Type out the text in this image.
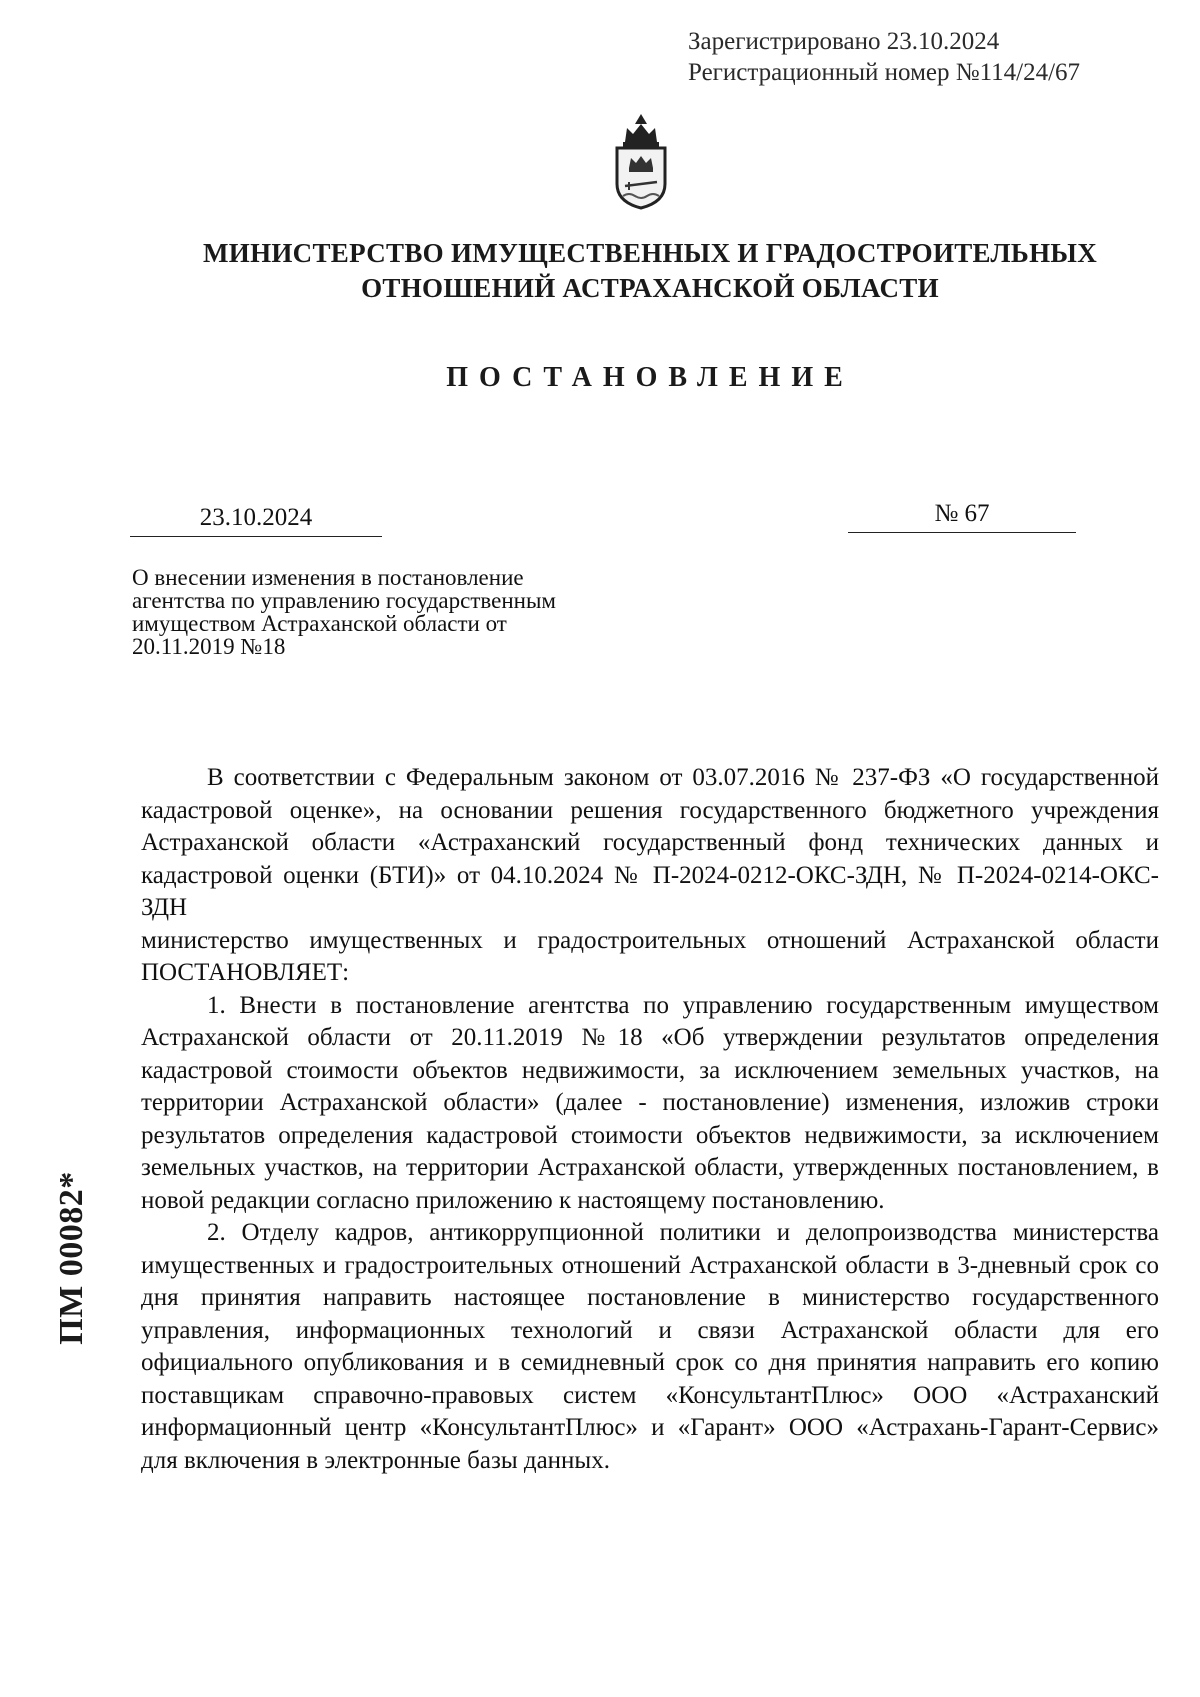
Зарегистрировано 23.10.2024
Регистрационный номер №114/24/67
МИНИСТЕРСТВО ИМУЩЕСТВЕННЫХ И ГРАДОСТРОИТЕЛЬНЫХ
ОТНОШЕНИЙ АСТРАХАНСКОЙ ОБЛАСТИ
ПОСТАНОВЛЕНИЕ
23.10.2024	№ 67
О внесении изменения в постановление агентства по управлению государственным имуществом Астраханской области от 20.11.2019 №18

В соответствии с Федеральным законом от 03.07.2016 № 237-ФЗ «О государственной кадастровой оценке», на основании решения государственного бюджетного учреждения Астраханской области «Астраханский государственный фонд технических данных и кадастровой оценки (БТИ)» от 04.10.2024 № П-2024-0212-ОКС-ЗДН, № П-2024-0214-ОКС-ЗДН

министерство имущественных и градостроительных отношений Астраханской области ПОСТАНОВЛЯЕТ:

1. Внести в постановление агентства по управлению государственным имуществом Астраханской области от 20.11.2019 №18 «Об утверждении результатов определения кадастровой стоимости объектов недвижимости, за исключением земельных участков, на территории Астраханской области» (далее - постановление) изменения, изложив строки результатов определения кадастровой стоимости объектов недвижимости, за исключением земельных участков, на территории Астраханской области, утвержденных постановлением, в новой редакции согласно приложению к настоящему постановлению.

2. Отделу кадров, антикоррупционной политики и делопроизводства министерства имущественных и градостроительных отношений Астраханской области в 3-дневный срок со дня принятия направить настоящее постановление в министерство государственного управления, информационных технологий и связи Астраханской области для его официального опубликования и в семидневный срок со дня принятия направить его копию поставщикам справочно-правовых систем «КонсультантПлюс» ООО «Астраханский информационный центр «КонсультантПлюс» и «Гарант» ООО «Астрахань-Гарант-Сервис» для включения в электронные базы данных.

ПМ 00082*
